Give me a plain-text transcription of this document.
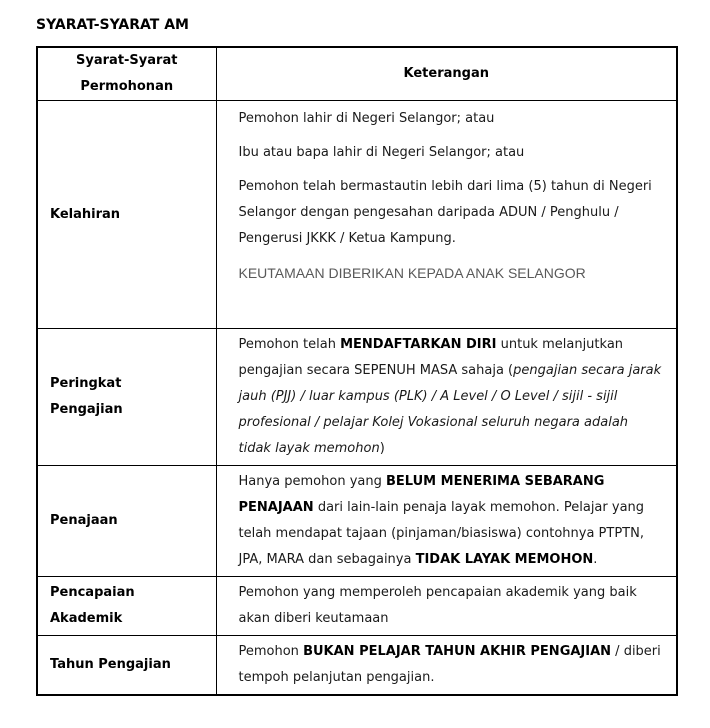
SYARAT-SYARAT AM
Syarat-Syarat Permohonan	Keterangan
Kelahiran	Pemohon lahir di Negeri Selangor; atau

Ibu atau bapa lahir di Negeri Selangor; atau

Pemohon telah bermastautin lebih dari lima (5) tahun di Negeri Selangor dengan pengesahan daripada ADUN / Penghulu / Pengerusi JKKK / Ketua Kampung.

KEUTAMAAN DIBERIKAN KEPADA ANAK SELANGOR

Peringkat Pengajian	Pemohon telah MENDAFTARKAN DIRI untuk melanjutkan pengajian secara SEPENUH MASA sahaja (pengajian secara jarak jauh (PJJ) / luar kampus (PLK) / A Level / O Level / sijil - sijil profesional / pelajar Kolej Vokasional seluruh negara adalah tidak layak memohon)

Penajaan	Hanya pemohon yang BELUM MENERIMA SEBARANG PENAJAAN dari lain-lain penaja layak memohon. Pelajar yang telah mendapat tajaan (pinjaman/biasiswa) contohnya PTPTN, JPA, MARA dan sebagainya TIDAK LAYAK MEMOHON.

Pencapaian Akademik	Pemohon yang memperoleh pencapaian akademik yang baik akan diberi keutamaan

Tahun Pengajian	Pemohon BUKAN PELAJAR TAHUN AKHIR PENGAJIAN / diberi tempoh pelanjutan pengajian.
